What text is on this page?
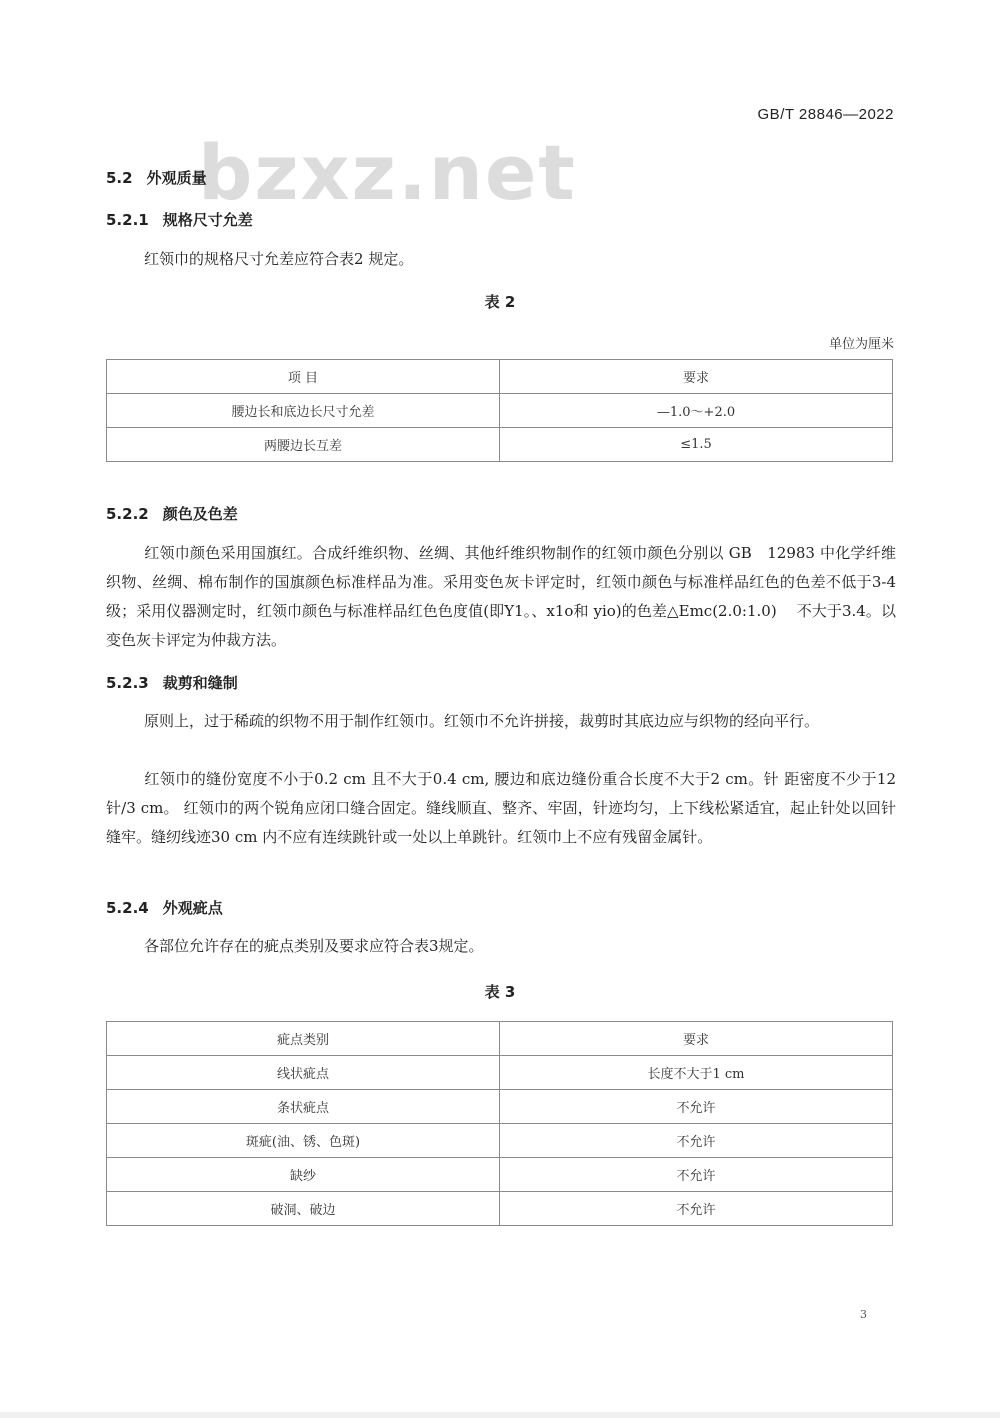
bzxz.net
GB/T 28846—2022
5.2 外观质量
5.2.1 规格尺寸允差
红领巾的规格尺寸允差应符合表2 规定。
表 2
单位为厘米
项 目	要求
腰边长和底边长尺寸允差	—1.0～+2.0
两腰边长互差	≤1.5
5.2.2 颜色及色差
红领巾颜色采用国旗红。合成纤维织物、丝绸、其他纤维织物制作的红领巾颜色分别以 GB　12983 中化学纤维织物、丝绸、棉布制作的国旗颜色标准样品为准。采用变色灰卡评定时，红领巾颜色与标准样品红色的色差不低于3-4级；采用仪器测定时，红领巾颜色与标准样品红色色度值(即Y1。、x1o和 yio)的色差△Emc(2.0:1.0)　 不大于3.4。以变色灰卡评定为仲裁方法。
5.2.3 裁剪和缝制
原则上，过于稀疏的织物不用于制作红领巾。红领巾不允许拼接，裁剪时其底边应与织物的经向平行。
红领巾的缝份宽度不小于0.2 cm 且不大于0.4 cm, 腰边和底边缝份重合长度不大于2 cm。针 距密度不少于12针/3 cm。 红领巾的两个锐角应闭口缝合固定。缝线顺直、整齐、牢固，针迹均匀，上下线松紧适宜，起止针处以回针缝牢。缝纫线迹30 cm 内不应有连续跳针或一处以上单跳针。红领巾上不应有残留金属针。
5.2.4 外观疵点
各部位允许存在的疵点类别及要求应符合表3规定。
表 3
疵点类别	要求
线状疵点	长度不大于1 cm
条状疵点	不允许
斑疵(油、锈、色斑)	不允许
缺纱	不允许
破洞、破边	不允许
3
